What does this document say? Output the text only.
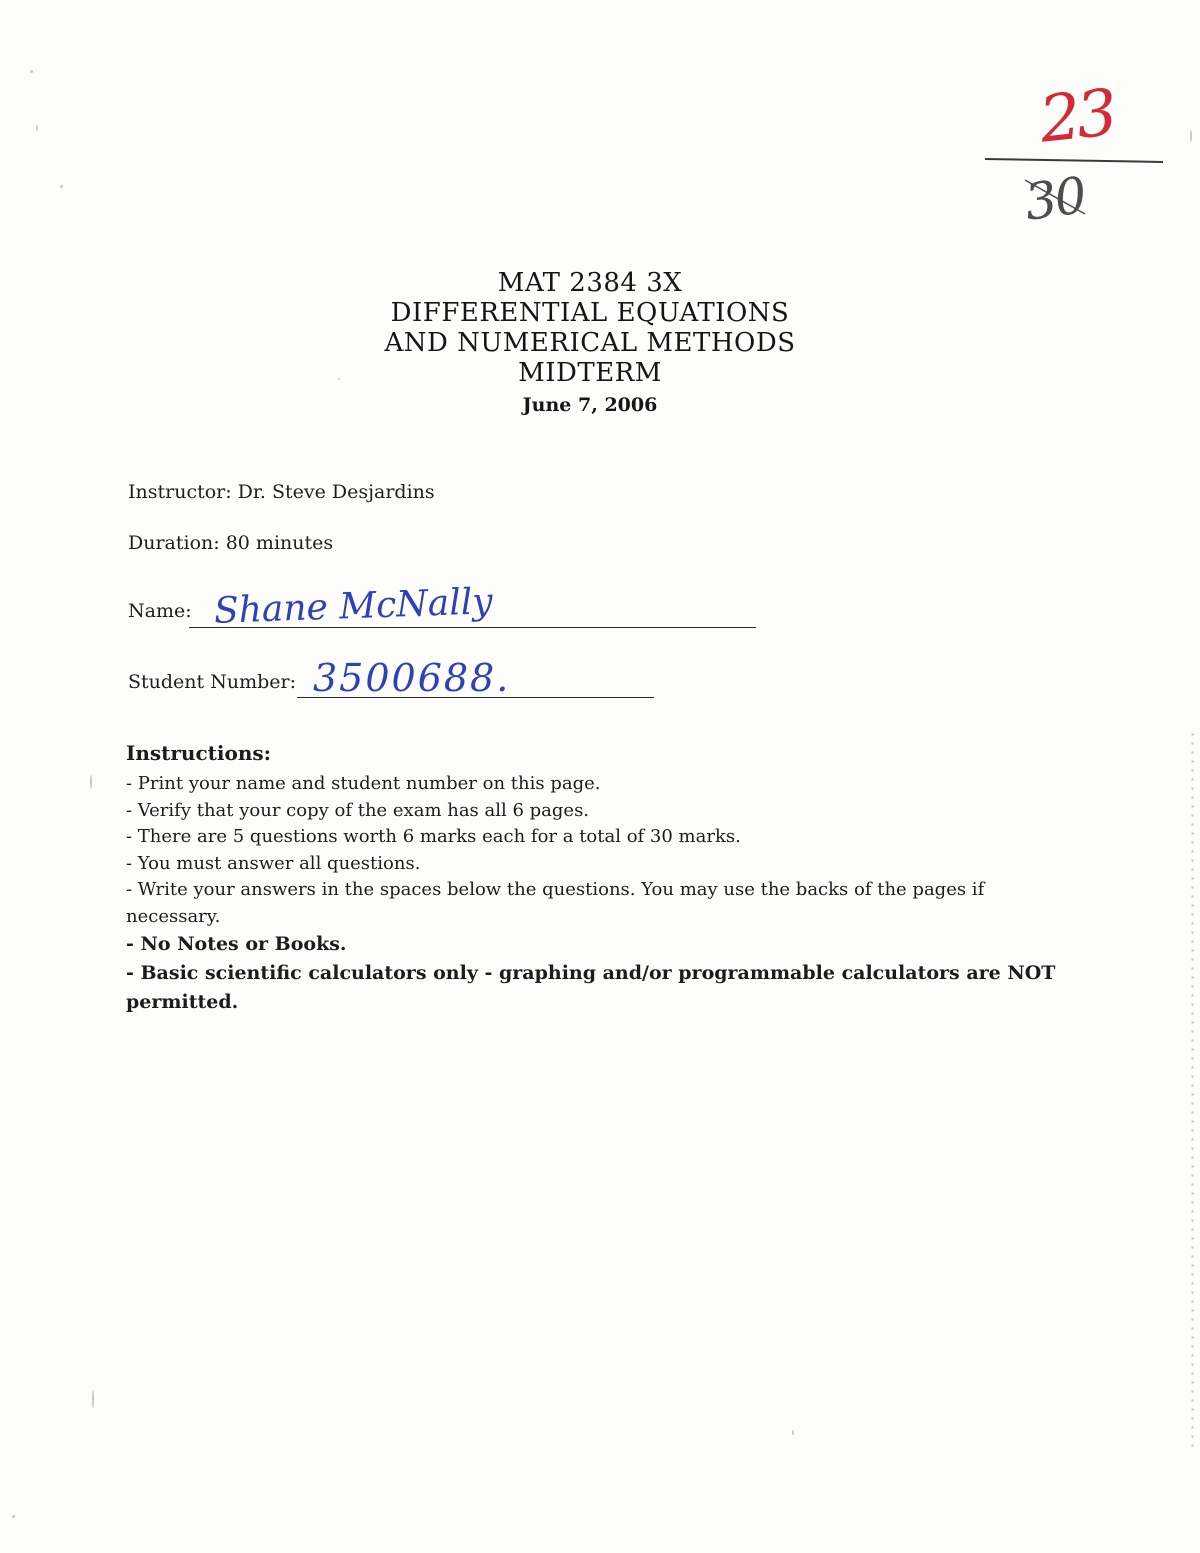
23
30
MAT 2384 3X
DIFFERENTIAL EQUATIONS
AND NUMERICAL METHODS
MIDTERM
June 7, 2006
Instructor: Dr. Steve Desjardins
Duration: 80 minutes
Name: Shane McNally
Student Number: 3500688.
Instructions:
- Print your name and student number on this page.
- Verify that your copy of the exam has all 6 pages.
- There are 5 questions worth 6 marks each for a total of 30 marks.
- You must answer all questions.
- Write your answers in the spaces below the questions. You may use the backs of the pages if necessary.
- No Notes or Books.
- Basic scientific calculators only - graphing and/or programmable calculators are NOT permitted.
